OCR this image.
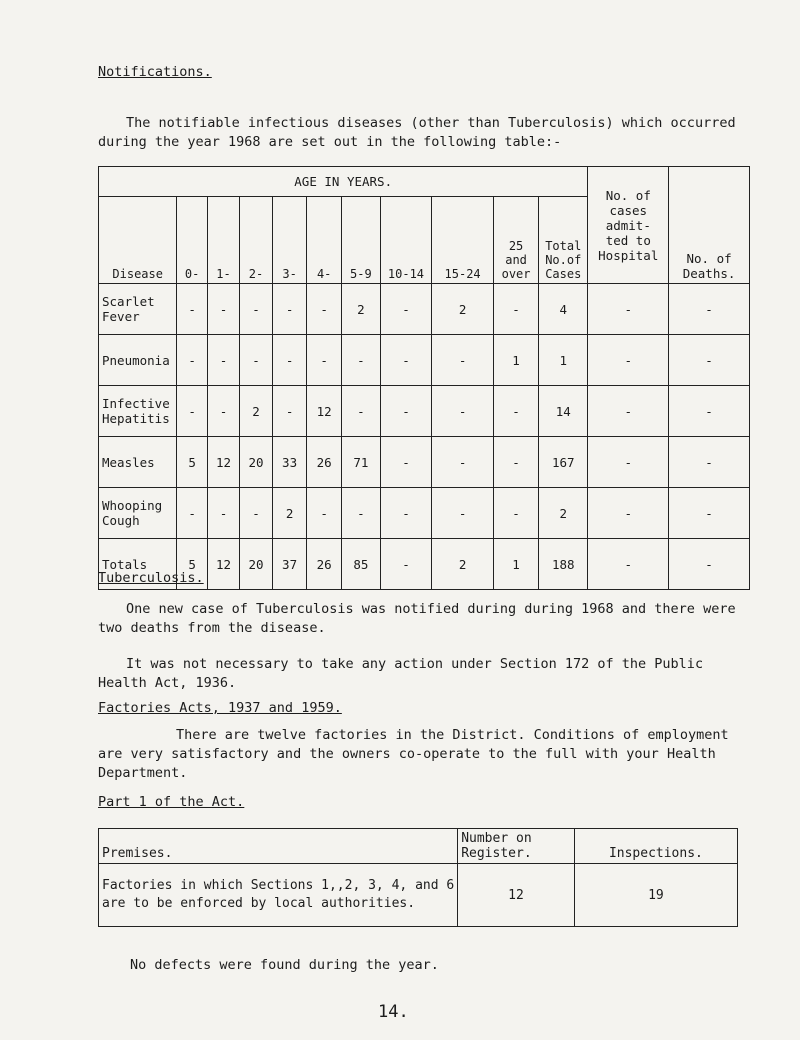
Notifications.
The notifiable infectious diseases (other than Tuberculosis) which occurred during the year 1968 are set out in the following table:-
AGE IN YEARS.											No. of cases admit- ted to Hospital	No. of Deaths.
Disease	0-	1-	2-	3-	4-	5-9	10-14	15-24	25 and over	Total No.of Cases		
Scarlet Fever	-	-	-	-	-	2	-	2	-	4	-	-
Pneumonia	-	-	-	-	-	-	-	-	1	1	-	-
Infective Hepatitis	-	-	2	-	12	-	-	-	-	14	-	-
Measles	5	12	20	33	26	71	-	-	-	167	-	-
Whooping Cough	-	-	-	2	-	-	-	-	-	2	-	-
Totals	5	12	20	37	26	85	-	2	1	188	-	-
Tuberculosis.
One new case of Tuberculosis was notified during during 1968 and there were two deaths from the disease.
It was not necessary to take any action under Section 172 of the Public Health Act, 1936.
Factories Acts, 1937 and 1959.
There are twelve factories in the District. Conditions of employment are very satisfactory and the owners co-operate to the full with your Health Department.
Part 1 of the Act.
Premises.	Number on Register.	Inspections.
Factories in which Sections 1,,2, 3, 4, and 6 are to be enforced by local authorities.	12	19
No defects were found during the year.
14.
